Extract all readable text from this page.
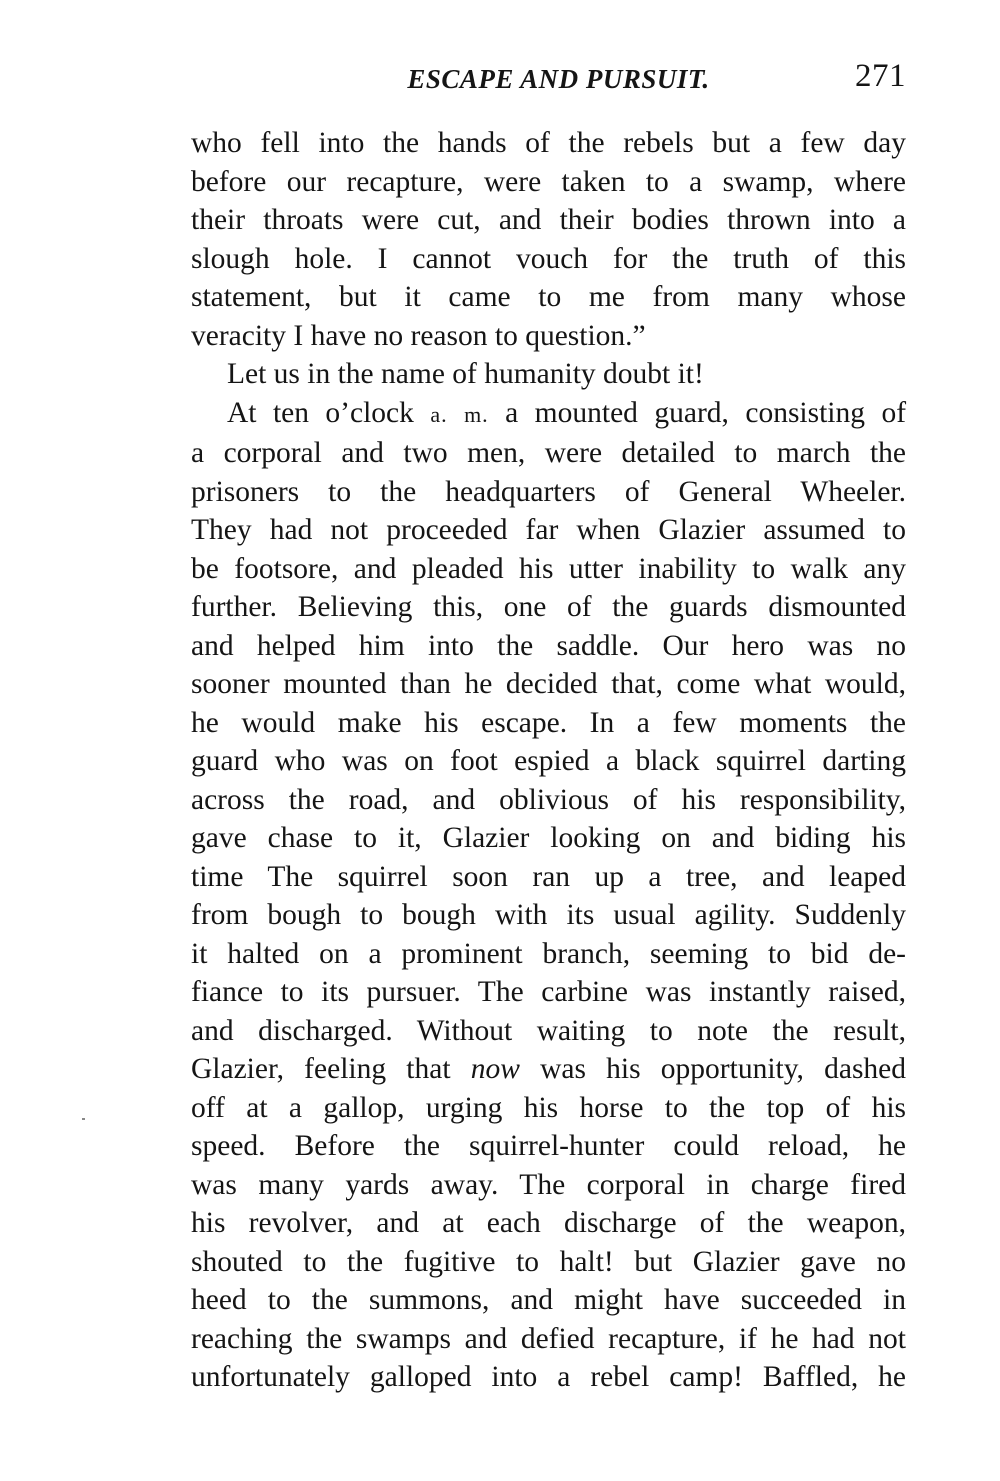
ESCAPE AND PURSUIT.	271

who fell into the hands of the rebels but a few day

before our recapture, were taken to a swamp, where

their throats were cut, and their bodies thrown into a

slough hole. I cannot vouch for the truth of this

statement, but it came to me from many whose

veracity I have no reason to question.”

Let us in the name of humanity doubt it!

At ten o’clock a. m. a mounted guard, consisting of

a corporal and two men, were detailed to march the

prisoners to the headquarters of General Wheeler.

They had not proceeded far when Glazier assumed to

be footsore, and pleaded his utter inability to walk any

further. Believing this, one of the guards dismounted

and helped him into the saddle. Our hero was no

sooner mounted than he decided that, come what would,

he would make his escape. In a few moments the

guard who was on foot espied a black squirrel darting

across the road, and oblivious of his responsibility,

gave chase to it, Glazier looking on and biding his

time The squirrel soon ran up a tree, and leaped

from bough to bough with its usual agility. Suddenly

it halted on a prominent branch, seeming to bid de-

fiance to its pursuer. The carbine was instantly raised,

and discharged. Without waiting to note the result,

Glazier, feeling that now was his opportunity, dashed

off at a gallop, urging his horse to the top of his

speed. Before the squirrel-hunter could reload, he

was many yards away. The corporal in charge fired

his revolver, and at each discharge of the weapon,

shouted to the fugitive to halt! but Glazier gave no

heed to the summons, and might have succeeded in

reaching the swamps and defied recapture, if he had not

unfortunately galloped into a rebel camp! Baffled, he
